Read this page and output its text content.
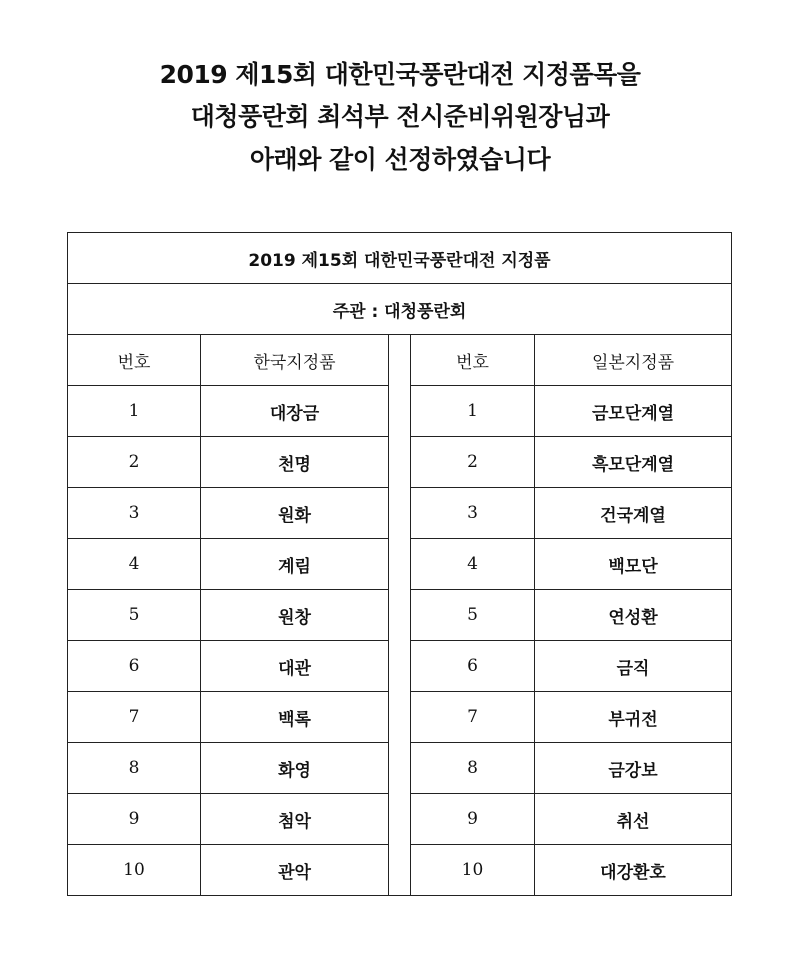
2019 제15회 대한민국풍란대전 지정품목을
대청풍란회 최석부 전시준비위원장님과
아래와 같이 선정하였습니다
2019 제15회 대한민국풍란대전 지정품				
주관 : 대청풍란회				
번호	한국지정품		번호	일본지정품
1	대장금		1	금모단계열
2	천명		2	흑모단계열
3	원화		3	건국계열
4	계림		4	백모단
5	원창		5	연성환
6	대관		6	금직
7	백록		7	부귀전
8	화영		8	금강보
9	첨악		9	취선
10	관악		10	대강환호
